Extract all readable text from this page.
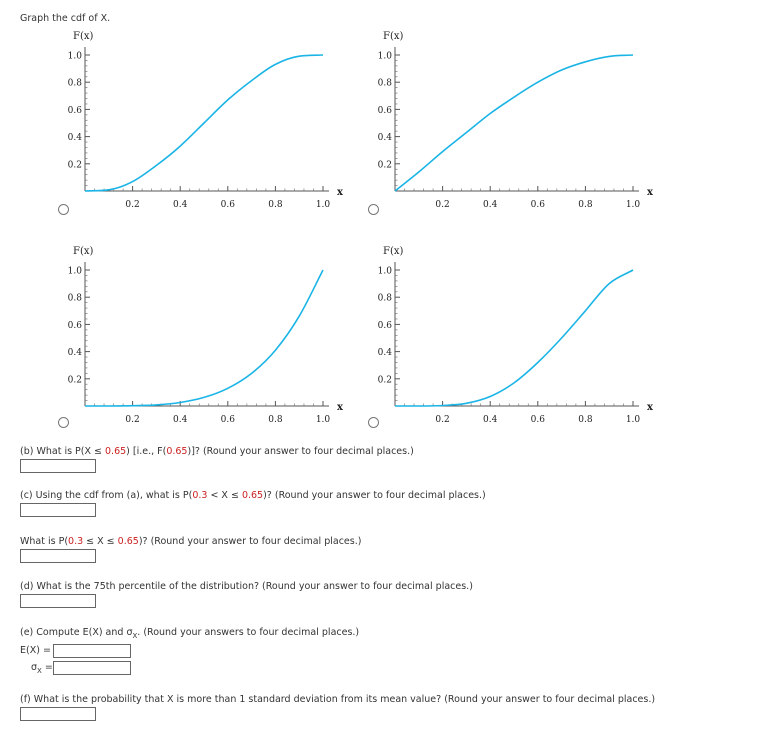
Graph the cdf of X.
F(x)
1.0
0.8
0.6
0.4
0.2
0.2	0.4	0.6	0.8	1.0
x
F(x)
1.0
0.8
0.6
0.4
0.2
0.2	0.4	0.6	0.8	1.0
x
F(x)
1.0
0.8
0.6
0.4
0.2
0.2	0.4	0.6	0.8	1.0
x
F(x)
1.0
0.8
0.6
0.4
0.2
0.2	0.4	0.6	0.8	1.0
x
(b) What is P(X ≤ 0.65) [i.e., F(0.65)]? (Round your answer to four decimal places.)
(c) Using the cdf from (a), what is P(0.3 < X ≤ 0.65)? (Round your answer to four decimal places.)
What is P(0.3 ≤ X ≤ 0.65)? (Round your answer to four decimal places.)
(d) What is the 75th percentile of the distribution? (Round your answer to four decimal places.)
(e) Compute E(X) and $\sigma_X$. (Round your answers to four decimal places.)
E(X) =
$\sigma_X$ =
(f) What is the probability that X is more than 1 standard deviation from its mean value? (Round your answer to four decimal places.)
